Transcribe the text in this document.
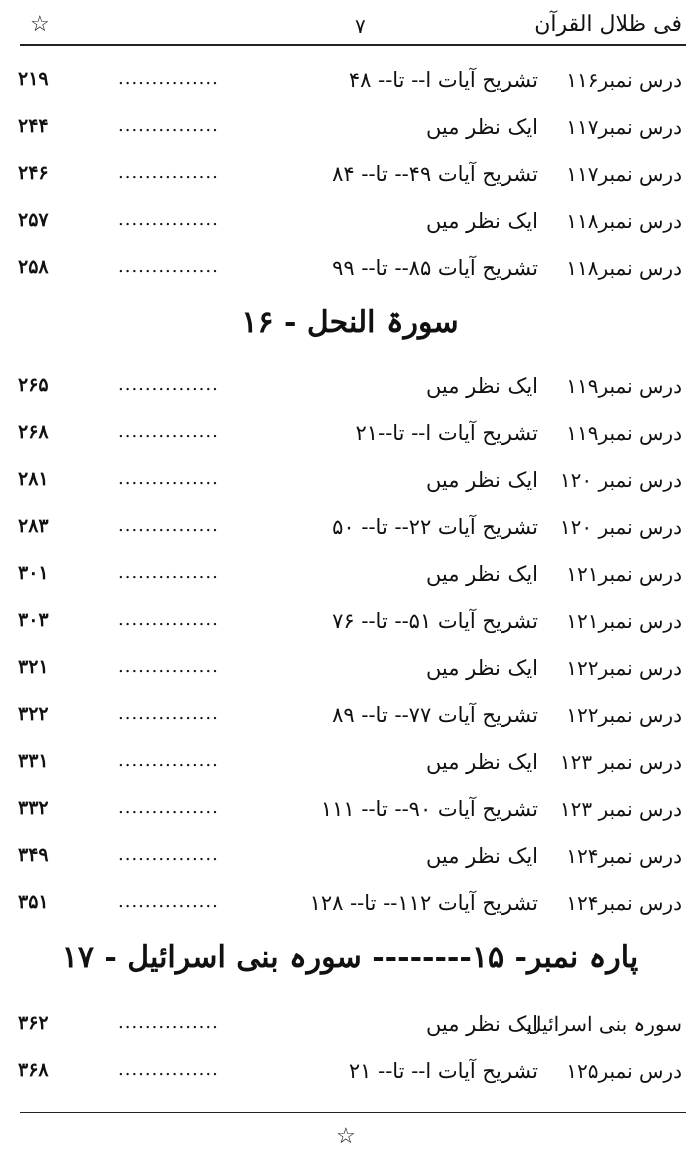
☆	۷	فی ظلال القرآن
درس نمبر۱۱۶
تشریح آیات ا-- تا-- ۴۸
...............
۲۱۹
درس نمبر۱۱۷
ایک نظر میں
...............
۲۴۴
درس نمبر۱۱۷
تشریح آیات ۴۹-- تا-- ۸۴
...............
۲۴۶
درس نمبر۱۱۸
ایک نظر میں
...............
۲۵۷
درس نمبر۱۱۸
تشریح آیات ۸۵-- تا-- ۹۹
...............
۲۵۸
سورۃ النحل - ۱۶
درس نمبر۱۱۹
ایک نظر میں
...............
۲۶۵
درس نمبر۱۱۹
تشریح آیات ا-- تا--۲۱
...............
۲۶۸
درس نمبر ۱۲۰
ایک نظر میں
...............
۲۸۱
درس نمبر ۱۲۰
تشریح آیات ۲۲-- تا-- ۵۰
...............
۲۸۳
درس نمبر۱۲۱
ایک نظر میں
...............
۳۰۱
درس نمبر۱۲۱
تشریح آیات ۵۱-- تا-- ۷۶
...............
۳۰۳
درس نمبر۱۲۲
ایک نظر میں
...............
۳۲۱
درس نمبر۱۲۲
تشریح آیات ۷۷-- تا-- ۸۹
...............
۳۲۲
درس نمبر ۱۲۳
ایک نظر میں
...............
۳۳۱
درس نمبر ۱۲۳
تشریح آیات ۹۰-- تا-- ۱۱۱
...............
۳۳۲
درس نمبر۱۲۴
ایک نظر میں
...............
۳۴۹
درس نمبر۱۲۴
تشریح آیات ۱۱۲-- تا-- ۱۲۸
...............
۳۵۱
پارہ نمبر- ۱۵-------- سورہ بنی اسرائیل - ۱۷
سورہ بنی اسرائیل
ایک نظر میں
...............
۳۶۲
درس نمبر۱۲۵
تشریح آیات ا-- تا-- ۲۱
...............
۳۶۸
☆
